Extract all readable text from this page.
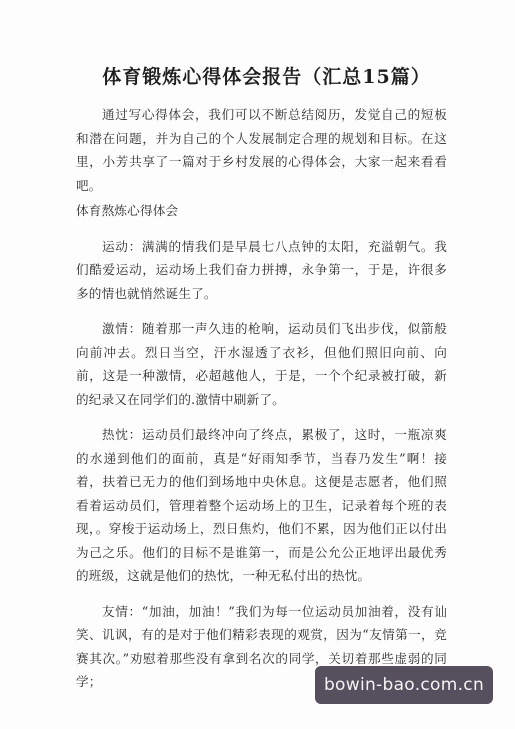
体育锻炼心得体会报告（汇总15篇）

通过写心得体会，我们可以不断总结阅历，发觉自己的短板和潜在问题，并为自己的个人发展制定合理的规划和目标。在这里，小芳共享了一篇对于乡村发展的心得体会，大家一起来看看吧。

体育熬炼心得体会

运动：满满的情我们是早晨七八点钟的太阳，充溢朝气。我们酷爱运动，运动场上我们奋力拼搏，永争第一，于是，许很多多的情也就悄然诞生了。

激情：随着那一声久违的枪响，运动员们飞出步伐，似箭般向前冲去。烈日当空，汗水湿透了衣衫，但他们照旧向前、向前，这是一种激情，必超越他人，于是，一个个纪录被打破，新的纪录又在同学们的.激情中刷新了。

热忱：运动员们最终冲向了终点，累极了，这时，一瓶凉爽的水递到他们的面前，真是“好雨知季节，当春乃发生”啊！接着，扶着已无力的他们到场地中央休息。这便是志愿者，他们照看着运动员们，管理着整个运动场上的卫生，记录着每个班的表现，。穿梭于运动场上，烈日焦灼，他们不累，因为他们正以付出为己之乐。他们的目标不是谁第一，而是公允公正地评出最优秀的班级，这就是他们的热忱，一种无私付出的热忱。

友情：“加油，加油！”我们为每一位运动员加油着，没有讪笑、讥讽，有的是对于他们精彩表现的观赏，因为“友情第一，竞赛其次。”劝慰着那些没有拿到名次的同学，关切着那些虚弱的同学；	bowin-bao.com.cn
